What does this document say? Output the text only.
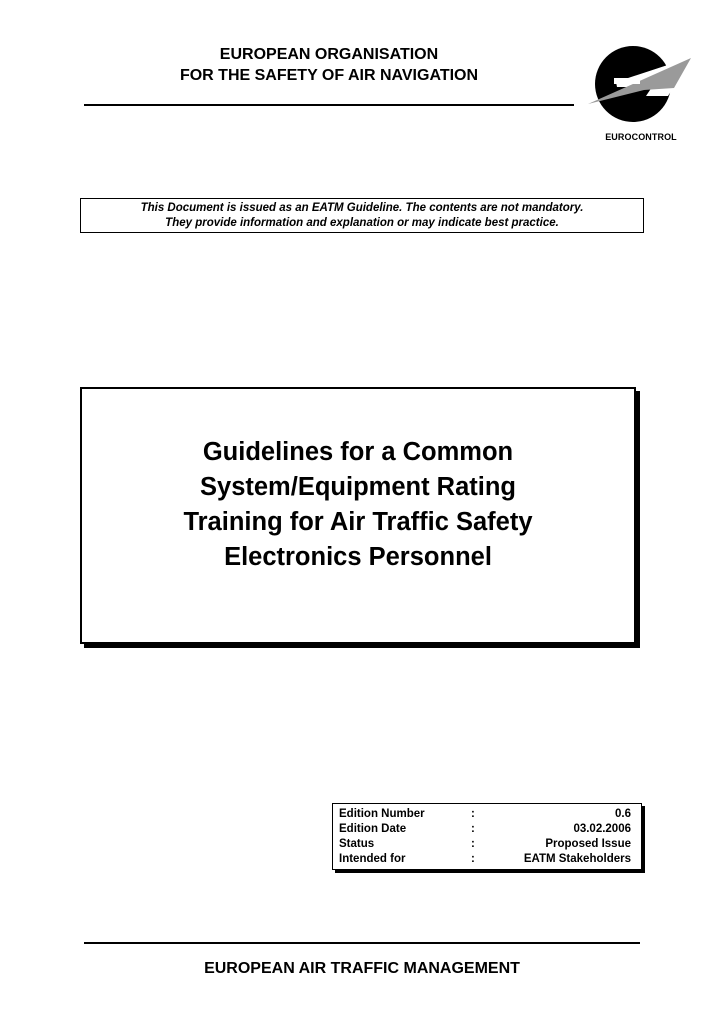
EUROPEAN ORGANISATION
FOR THE SAFETY OF AIR NAVIGATION
EUROCONTROL
This Document is issued as an EATM Guideline. The contents are not mandatory.
They provide information and explanation or may indicate best practice.
Guidelines for a Common
System/Equipment Rating
Training for Air Traffic Safety
Electronics Personnel
Edition Number	:	0.6
Edition Date	:	03.02.2006
Status	:	Proposed Issue
Intended for	:	EATM Stakeholders
EUROPEAN AIR TRAFFIC MANAGEMENT
